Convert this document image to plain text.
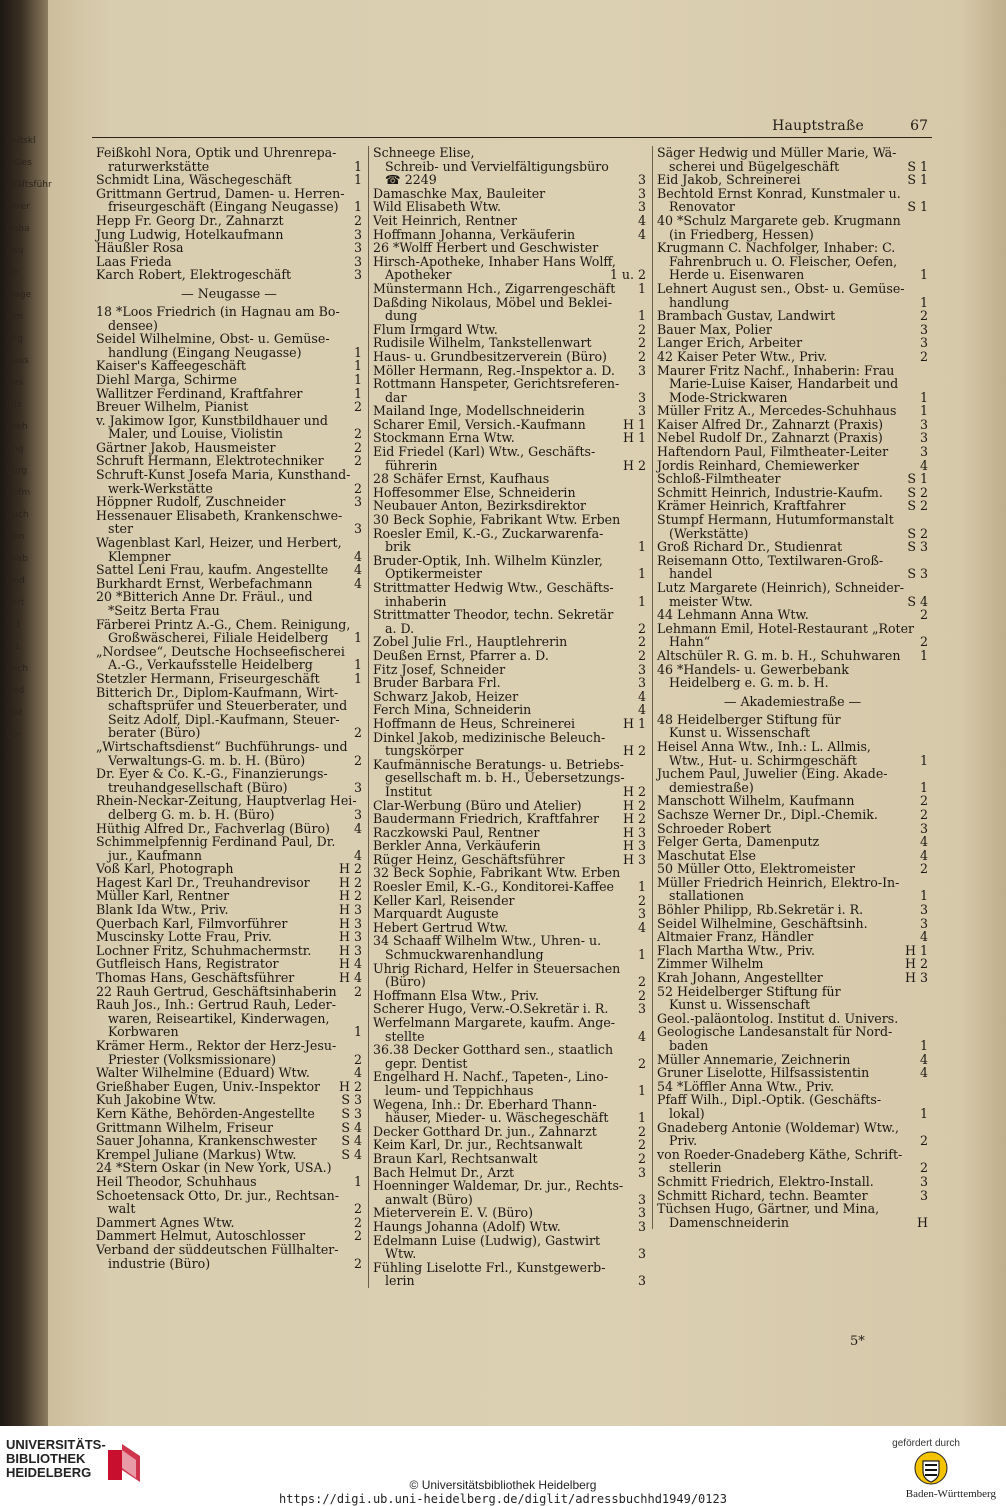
oeitskl
n Ges
chäftsführ
ehrer
Doba
Bau
rer
Wage
Kim
Allg
Haus
Ges
Friz
Dreh
Ang
Bürg
Hofm
Buch
Ohn
Grab
Mod
Wirt
S 3
S 1
Rech
Ged
Mat
bür
S
Hauptstraße	67
Feißkohl Nora, Optik und Uhrenrepa-
raturwerkstätte	1
Schmidt Lina, Wäschegeschäft	1
Grittmann Gertrud, Damen- u. Herren-
friseurgeschäft (Eingang Neugasse)	1
Hepp Fr. Georg Dr., Zahnarzt	2
Jung Ludwig, Hotelkaufmann	3
Häußler Rosa	3
Laas Frieda	3
Karch Robert, Elektrogeschäft	3
— Neugasse —
18 *Loos Friedrich (in Hagnau am Bo-
densee)
Seidel Wilhelmine, Obst- u. Gemüse-
handlung (Eingang Neugasse)	1
Kaiser's Kaffeegeschäft	1
Diehl Marga, Schirme	1
Wallitzer Ferdinand, Kraftfahrer	1
Breuer Wilhelm, Pianist	2
v. Jakimow Igor, Kunstbildhauer und
Maler, und Louise, Violistin	2
Gärtner Jakob, Hausmeister	2
Schruft Hermann, Elektrotechniker	2
Schruft-Kunst Josefa Maria, Kunsthand-
werk-Werkstätte	2
Höppner Rudolf, Zuschneider	3
Hessenauer Elisabeth, Krankenschwe-
ster	3
Wagenblast Karl, Heizer, und Herbert,
Klempner	4
Sattel Leni Frau, kaufm. Angestellte	4
Burkhardt Ernst, Werbefachmann	4
20 *Bitterich Anne Dr. Fräul., und
*Seitz Berta Frau
Färberei Printz A.-G., Chem. Reinigung,
Großwäscherei, Filiale Heidelberg	1
„Nordsee“, Deutsche Hochseefischerei
A.-G., Verkaufsstelle Heidelberg	1
Stetzler Hermann, Friseurgeschäft	1
Bitterich Dr., Diplom-Kaufmann, Wirt-
schaftsprüfer und Steuerberater, und
Seitz Adolf, Dipl.-Kaufmann, Steuer-
berater (Büro)	2
„Wirtschaftsdienst“ Buchführungs- und
Verwaltungs-G. m. b. H. (Büro)	2
Dr. Eyer & Co. K.-G., Finanzierungs-
treuhandgesellschaft (Büro)	3
Rhein-Neckar-Zeitung, Hauptverlag Hei-
delberg G. m. b. H. (Büro)	3
Hüthig Alfred Dr., Fachverlag (Büro)	4
Schimmelpfennig Ferdinand Paul, Dr.
jur., Kaufmann	4
Voß Karl, Photograph	H 2
Hagest Karl Dr., Treuhandrevisor	H 2
Müller Karl, Rentner	H 2
Blank Ida Wtw., Priv.	H 3
Querbach Karl, Filmvorführer	H 3
Muscinsky Lotte Frau, Priv.	H 3
Lochner Fritz, Schuhmachermstr.	H 3
Gutfleisch Hans, Registrator	H 4
Thomas Hans, Geschäftsführer	H 4
22 Rauh Gertrud, Geschäftsinhaberin	2
Rauh Jos., Inh.: Gertrud Rauh, Leder-
waren, Reiseartikel, Kinderwagen,
Korbwaren	1
Krämer Herm., Rektor der Herz-Jesu-
Priester (Volksmissionare)	2
Walter Wilhelmine (Eduard) Wtw.	4
Grießhaber Eugen, Univ.-Inspektor	H 2
Kuh Jakobine Wtw.	S 3
Kern Käthe, Behörden-Angestellte	S 3
Grittmann Wilhelm, Friseur	S 4
Sauer Johanna, Krankenschwester	S 4
Krempel Juliane (Markus) Wtw.	S 4
24 *Stern Oskar (in New York, USA.)
Heil Theodor, Schuhhaus	1
Schoetensack Otto, Dr. jur., Rechtsan-
walt	2
Dammert Agnes Wtw.	2
Dammert Helmut, Autoschlosser	2
Verband der süddeutschen Füllhalter-
industrie (Büro)	2
Schneege Elise,
Schreib- und Vervielfältigungsbüro
☎ 2249	3
Damaschke Max, Bauleiter	3
Wild Elisabeth Wtw.	3
Veit Heinrich, Rentner	4
Hoffmann Johanna, Verkäuferin	4
26 *Wolff Herbert und Geschwister
Hirsch-Apotheke, Inhaber Hans Wolff,
Apotheker	1 u. 2
Münstermann Hch., Zigarrengeschäft	1
Daßding Nikolaus, Möbel und Beklei-
dung	1
Flum Irmgard Wtw.	2
Rudisile Wilhelm, Tankstellenwart	2
Haus- u. Grundbesitzerverein (Büro)	2
Möller Hermann, Reg.-Inspektor a. D.	3
Rottmann Hanspeter, Gerichtsreferen-
dar	3
Mailand Inge, Modellschneiderin	3
Scharer Emil, Versich.-Kaufmann	H 1
Stockmann Erna Wtw.	H 1
Eid Friedel (Karl) Wtw., Geschäfts-
führerin	H 2
28 Schäfer Ernst, Kaufhaus
Hoffesommer Else, Schneiderin
Neubauer Anton, Bezirksdirektor
30 Beck Sophie, Fabrikant Wtw. Erben
Roesler Emil, K.-G., Zuckarwarenfa-
brik	1
Bruder-Optik, Inh. Wilhelm Künzler,
Optikermeister	1
Strittmatter Hedwig Wtw., Geschäfts-
inhaberin	1
Strittmatter Theodor, techn. Sekretär
a. D.	2
Zobel Julie Frl., Hauptlehrerin	2
Deußen Ernst, Pfarrer a. D.	2
Fitz Josef, Schneider	3
Bruder Barbara Frl.	3
Schwarz Jakob, Heizer	4
Ferch Mina, Schneiderin	4
Hoffmann de Heus, Schreinerei	H 1
Dinkel Jakob, medizinische Beleuch-
tungskörper	H 2
Kaufmännische Beratungs- u. Betriebs-
gesellschaft m. b. H., Uebersetzungs-
Institut	H 2
Clar-Werbung (Büro und Atelier)	H 2
Baudermann Friedrich, Kraftfahrer	H 2
Raczkowski Paul, Rentner	H 3
Berkler Anna, Verkäuferin	H 3
Rüger Heinz, Geschäftsführer	H 3
32 Beck Sophie, Fabrikant Wtw. Erben
Roesler Emil, K.-G., Konditorei-Kaffee	1
Keller Karl, Reisender	2
Marquardt Auguste	3
Hebert Gertrud Wtw.	4
34 Schaaff Wilhelm Wtw., Uhren- u.
Schmuckwarenhandlung	1
Uhrig Richard, Helfer in Steuersachen
(Büro)	2
Hoffmann Elsa Wtw., Priv.	2
Scherer Hugo, Verw.-O.Sekretär i. R.	3
Werfelmann Margarete, kaufm. Ange-
stellte	4
36.38 Decker Gotthard sen., staatlich
gepr. Dentist	2
Engelhard H. Nachf., Tapeten-, Lino-
leum- und Teppichhaus	1
Wegena, Inh.: Dr. Eberhard Thann-
häuser, Mieder- u. Wäschegeschäft	1
Decker Gotthard Dr. jun., Zahnarzt	2
Keim Karl, Dr. jur., Rechtsanwalt	2
Braun Karl, Rechtsanwalt	2
Bach Helmut Dr., Arzt	3
Hoenninger Waldemar, Dr. jur., Rechts-
anwalt (Büro)	3
Mieterverein E. V. (Büro)	3
Haungs Johanna (Adolf) Wtw.	3
Edelmann Luise (Ludwig), Gastwirt
Wtw.	3
Fühling Liselotte Frl., Kunstgewerb-
lerin	3
Säger Hedwig und Müller Marie, Wä-
scherei und Bügelgeschäft	S 1
Eid Jakob, Schreinerei	S 1
Bechtold Ernst Konrad, Kunstmaler u.
Renovator	S 1
40 *Schulz Margarete geb. Krugmann
(in Friedberg, Hessen)
Krugmann C. Nachfolger, Inhaber: C.
Fahrenbruch u. O. Fleischer, Oefen,
Herde u. Eisenwaren	1
Lehnert August sen., Obst- u. Gemüse-
handlung	1
Brambach Gustav, Landwirt	2
Bauer Max, Polier	3
Langer Erich, Arbeiter	3
42 Kaiser Peter Wtw., Priv.	2
Maurer Fritz Nachf., Inhaberin: Frau
Marie-Luise Kaiser, Handarbeit und
Mode-Strickwaren	1
Müller Fritz A., Mercedes-Schuhhaus	1
Kaiser Alfred Dr., Zahnarzt (Praxis)	3
Nebel Rudolf Dr., Zahnarzt (Praxis)	3
Haftendorn Paul, Filmtheater-Leiter	3
Jordis Reinhard, Chemiewerker	4
Schloß-Filmtheater	S 1
Schmitt Heinrich, Industrie-Kaufm.	S 2
Krämer Heinrich, Kraftfahrer	S 2
Stumpf Hermann, Hutumformanstalt
(Werkstätte)	S 2
Groß Richard Dr., Studienrat	S 3
Reisemann Otto, Textilwaren-Groß-
handel	S 3
Lutz Margarete (Heinrich), Schneider-
meister Wtw.	S 4
44 Lehmann Anna Wtw.	2
Lehmann Emil, Hotel-Restaurant „Roter
Hahn“	2
Altschüler R. G. m. b. H., Schuhwaren	1
46 *Handels- u. Gewerbebank
Heidelberg e. G. m. b. H.
— Akademiestraße —
48 Heidelberger Stiftung für
Kunst u. Wissenschaft
Heisel Anna Wtw., Inh.: L. Allmis,
Wtw., Hut- u. Schirmgeschäft	1
Juchem Paul, Juwelier (Eing. Akade-
demiestraße)	1
Manschott Wilhelm, Kaufmann	2
Sachsze Werner Dr., Dipl.-Chemik.	2
Schroeder Robert	3
Felger Gerta, Damenputz	4
Maschutat Else	4
50 Müller Otto, Elektromeister	2
Müller Friedrich Heinrich, Elektro-In-
stallationen	1
Böhler Philipp, Rb.Sekretär i. R.	3
Seidel Wilhelmine, Geschäftsinh.	3
Altmaier Franz, Händler	4
Flach Martha Wtw., Priv.	H 1
Zimmer Wilhelm	H 2
Krah Johann, Angestellter	H 3
52 Heidelberger Stiftung für
Kunst u. Wissenschaft
Geol.-paläontolog. Institut d. Univers.
Geologische Landesanstalt für Nord-
baden	1
Müller Annemarie, Zeichnerin	4
Gruner Liselotte, Hilfsassistentin	4
54 *Löffler Anna Wtw., Priv.
Pfaff Wilh., Dipl.-Optik. (Geschäfts-
lokal)	1
Gnadeberg Antonie (Woldemar) Wtw.,
Priv.	2
von Roeder-Gnadeberg Käthe, Schrift-
stellerin	2
Schmitt Friedrich, Elektro-Install.	3
Schmitt Richard, techn. Beamter	3
Tüchsen Hugo, Gärtner, und Mina,
Damenschneiderin	H
5*
UNIVERSITÄTS-
BIBLIOTHEK
HEIDELBERG
© Universitätsbibliothek Heidelberg
https://digi.ub.uni-heidelberg.de/diglit/adressbuchhd1949/0123
gefördert durch
Baden-Württemberg
